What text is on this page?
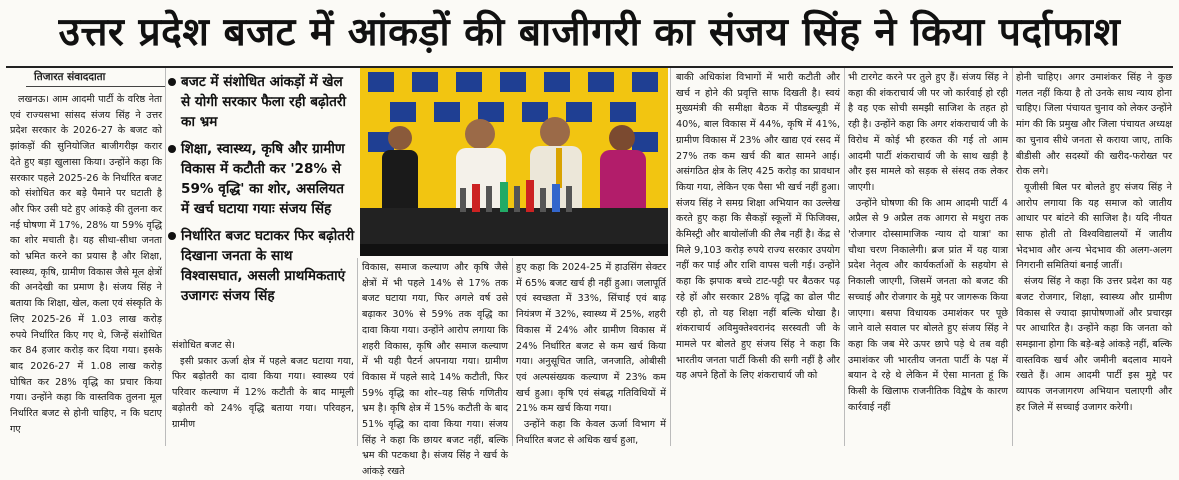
उत्तर प्रदेश बजट में आंकड़ों की बाजीगरी का संजय सिंह ने किया पर्दाफाश
तिजारत संवाददाता

लखनऊ। आम आदमी पार्टी के वरिष्ठ नेता एवं राज्यसभा सांसद संजय सिंह ने उत्तर प्रदेश सरकार के 2026-27 के बजट को झांकड़ों की सुनियोजित बाजीगरीझ करार देते हुए बड़ा खुलासा किया। उन्होंने कहा कि सरकार पहले 2025-26 के निर्धारित बजट को संशोधित कर बड़े पैमाने पर घटाती है और फिर उसी घटे हुए आंकड़े की तुलना कर नई घोषणा में 17%, 28% या 59% वृद्धि का शोर मचाती है। यह सीधा-सीधा जनता को भ्रमित करने का प्रयास है और शिक्षा, स्वास्थ्य, कृषि, ग्रामीण विकास जैसे मूल क्षेत्रों की अनदेखी का प्रमाण है। संजय सिंह ने बताया कि शिक्षा, खेल, कला एवं संस्कृति के लिए 2025-26 में 1.03 लाख करोड़ रुपये निर्धारित किए गए थे, जिन्हें संशोधित कर 84 हजार करोड़ कर दिया गया। इसके बाद 2026-27 में 1.08 लाख करोड़ घोषित कर 28% वृद्धि का प्रचार किया गया। उन्होंने कहा कि वास्तविक तुलना मूल निर्धारित बजट से होनी चाहिए, न कि घटाए गए

बजट में संशोधित आंकड़ों में खेल से योगी सरकार फैला रही बढ़ोतरी का भ्रम
शिक्षा, स्वास्थ्य, कृषि और ग्रामीण विकास में कटौती कर '28% से 59% वृद्धि' का शोर, असलियत में खर्च घटाया गयाः संजय सिंह
निर्धारित बजट घटाकर फिर बढ़ोतरी दिखाना जनता के साथ विश्वासघात, असली प्राथमिकताएं उजागरः संजय सिंह

संशोधित बजट से।

इसी प्रकार ऊर्जा क्षेत्र में पहले बजट घटाया गया, फिर बढ़ोतरी का दावा किया गया। स्वास्थ्य एवं परिवार कल्याण में 12% कटौती के बाद मामूली बढ़ोतरी को 24% वृद्धि बताया गया। परिवहन, ग्रामीण

विकास, समाज कल्याण और कृषि जैसे क्षेत्रों में भी पहले 14% से 17% तक बजट घटाया गया, फिर अगले वर्ष उसे बढ़ाकर 30% से 59% तक वृद्धि का दावा किया गया। उन्होंने आरोप लगाया कि शहरी विकास, कृषि और समाज कल्याण में भी यही पैटर्न अपनाया गया। ग्रामीण विकास में पहले सादे 14% कटौती, फिर 59% वृद्धि का शोर–यह सिर्फ गणितीय भ्रम है। कृषि क्षेत्र में 15% कटौती के बाद 51% वृद्धि का दावा किया गया। संजय सिंह ने कहा कि छायर बजट नहीं, बल्कि भ्रम की पटकथा है। संजय सिंह ने खर्च के आंकड़े रखते

हुए कहा कि 2024-25 में हाउसिंग सेक्टर में 65% बजट खर्च ही नहीं हुआ। जलापूर्ति एवं स्वच्छता में 33%, सिंचाई एवं बाढ़ नियंत्रण में 32%, स्वास्थ्य में 25%, शहरी विकास में 24% और ग्रामीण विकास में 24% निर्धारित बजट से कम खर्च किया गया। अनुसूचित जाति, जनजाति, ओबीसी एवं अल्पसंख्यक कल्याण में 23% कम खर्च हुआ। कृषि एवं संबद्ध गतिविधियों में 21% कम खर्च किया गया।

उन्होंने कहा कि केवल ऊर्जा विभाग में निर्धारित बजट से अधिक खर्च हुआ,

बाकी अधिकांश विभागों में भारी कटौती और खर्च न होने की प्रवृत्ति साफ दिखती है। स्वयं मुख्यमंत्री की समीक्षा बैठक में पीडब्ल्यूडी में 40%, बाल विकास में 44%, कृषि में 41%, ग्रामीण विकास में 23% और खाद्य एवं रसद में 27% तक कम खर्च की बात सामने आई। असंगठित क्षेत्र के लिए 425 करोड़ का प्रावधान किया गया, लेकिन एक पैसा भी खर्च नहीं हुआ। संजय सिंह ने समग्र शिक्षा अभियान का उल्लेख करते हुए कहा कि सैकड़ों स्कूलों में फिजिक्स, केमिस्ट्री और बायोलॉजी की लैब नहीं है। केंद्र से मिले 9,103 करोड़ रुपये राज्य सरकार उपयोग नहीं कर पाई और राशि वापस चली गई। उन्होंने कहा कि झपाक बच्चे टाट-पट्टी पर बैठकर पढ़ रहे हों और सरकार 28% वृद्धि का ढोल पीट रही हो, तो यह शिक्षा नहीं बल्कि धोखा है। शंकराचार्य अविमुक्तेश्वरानंद सरस्वती जी के मामले पर बोलते हुए संजय सिंह ने कहा कि भारतीय जनता पार्टी किसी की सगी नहीं है और यह अपने हितों के लिए शंकराचार्य जी को

भी टारगेट करने पर तुले हुए हैं। संजय सिंह ने कहा की शंकराचार्य जी पर जो कार्रवाई हो रही है वह एक सोची समझी साजिश के तहत हो रही है। उन्होंने कहा कि अगर शंकराचार्य जी के विरोध में कोई भी हरकत की गई तो आम आदमी पार्टी शंकराचार्य जी के साथ खड़ी है और इस मामले को सड़क से संसद तक लेकर जाएगी।

उन्होंने घोषणा की कि आम आदमी पार्टी 4 अप्रैल से 9 अप्रैल तक आगरा से मथुरा तक 'रोजगार दोस्सामाजिक न्याय दो यात्रा' का चौथा चरण निकालेगी। ब्रज प्रांत में यह यात्रा प्रदेश नेतृत्व और कार्यकर्ताओं के सहयोग से निकाली जाएगी, जिसमें जनता को बजट की सच्चाई और रोजगार के मुद्दे पर जागरूक किया जाएगा। बसपा विधायक उमाशंकर पर पूछे जाने वाले सवाल पर बोलते हुए संजय सिंह ने कहा कि जब मेरे ऊपर छापे पड़े थे तब वही उमाशंकर जी भारतीय जनता पार्टी के पक्ष में बयान दे रहे थे लेकिन में ऐसा मानता हूं कि किसी के खिलाफ राजनीतिक विद्वेष के कारण कार्रवाई नहीं

होनी चाहिए। अगर उमाशंकर सिंह ने कुछ गलत नहीं किया है तो उनके साथ न्याय होना चाहिए। जिला पंचायत चुनाव को लेकर उन्होंने मांग की कि प्रमुख और जिला पंचायत अध्यक्ष का चुनाव सीधे जनता से कराया जाए, ताकि बीडीसी और सदस्यों की खरीद-फरोख्त पर रोक लगे।

यूजीसी बिल पर बोलते हुए संजय सिंह ने आरोप लगाया कि यह समाज को जातीय आधार पर बांटने की साजिश है। यदि नीयत साफ होती तो विश्वविद्यालयों में जातीय भेदभाव और अन्य भेदभाव की अलग-अलग निगरानी समितियां बनाई जातीं।

संजय सिंह ने कहा कि उत्तर प्रदेश का यह बजट रोजगार, शिक्षा, स्वास्थ्य और ग्रामीण विकास से ज्यादा झापोषणाओं और प्रचारझ पर आधारित है। उन्होंने कहा कि जनता को समझाना होगा कि बड़े-बड़े आंकड़े नहीं, बल्कि वास्तविक खर्च और जमीनी बदलाव मायने रखते हैं। आम आदमी पार्टी इस मुद्दे पर व्यापक जनजागरण अभियान चलाएगी और हर जिले में सच्चाई उजागर करेगी।
